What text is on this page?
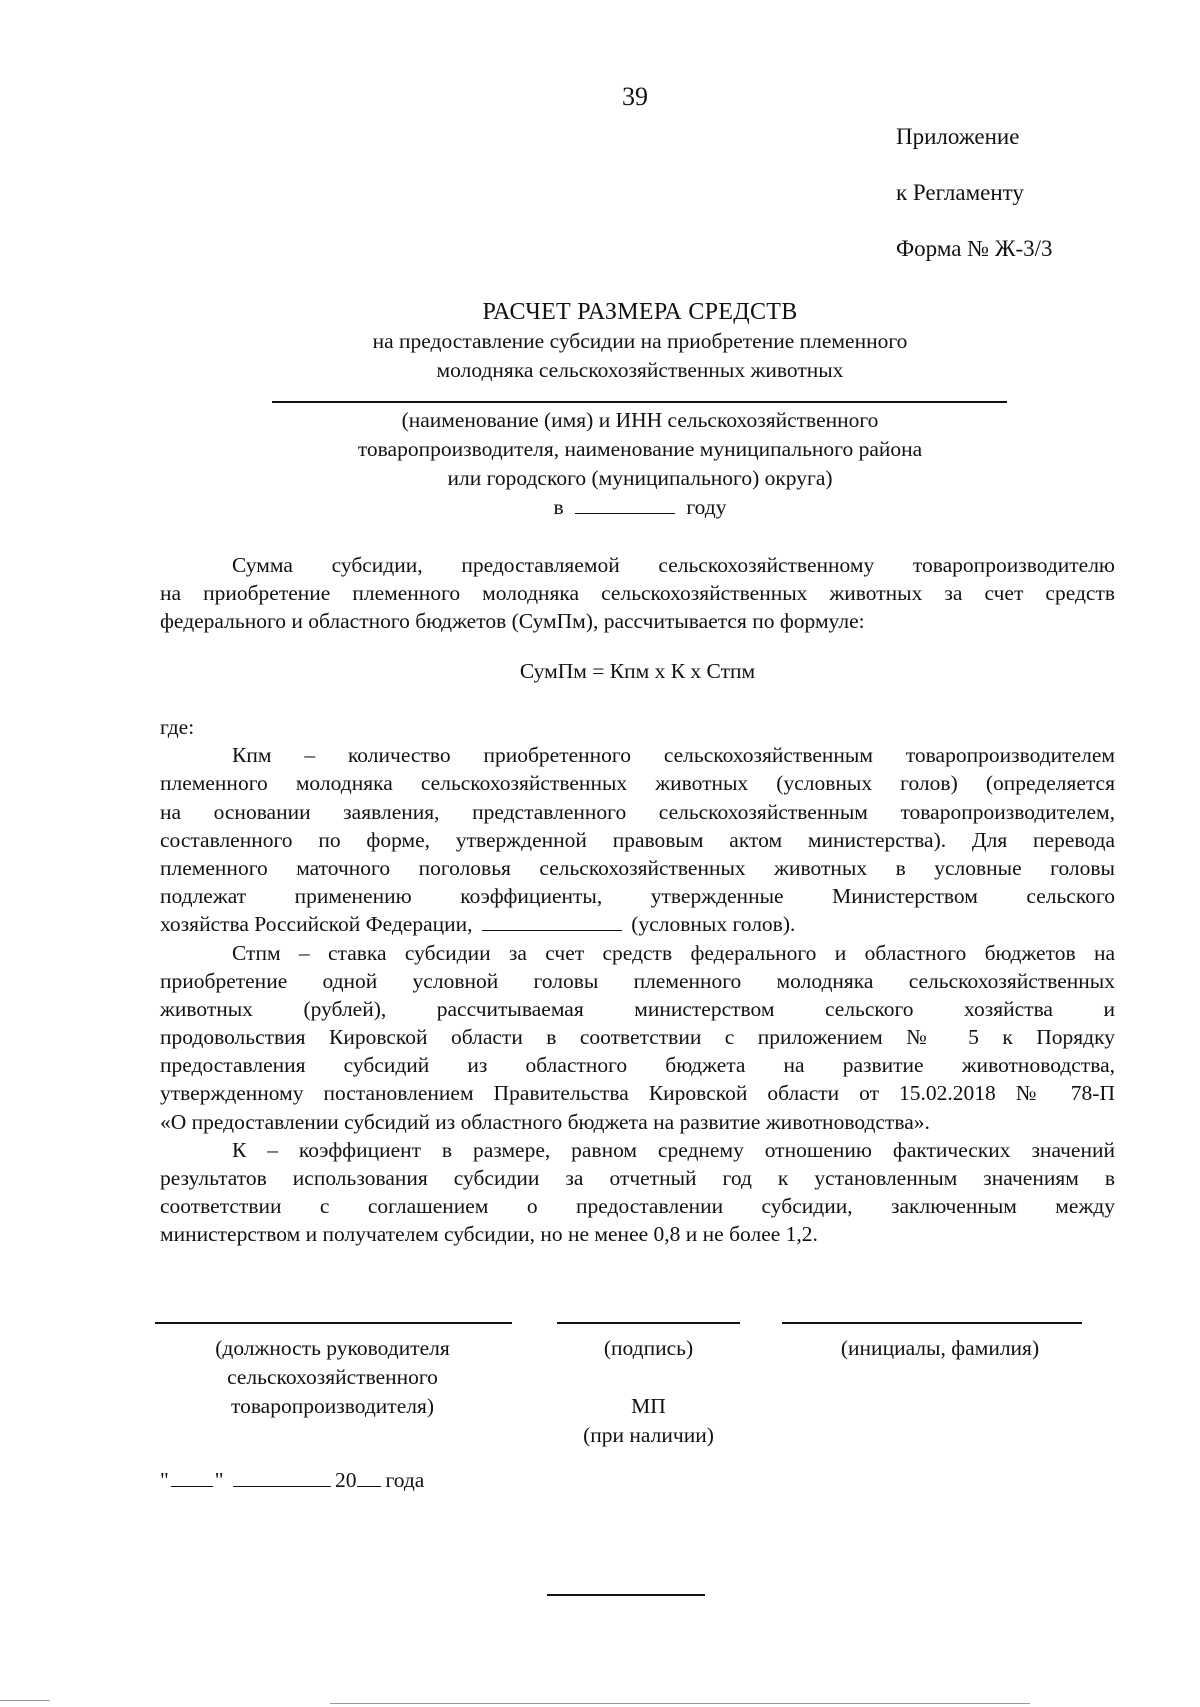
39
Приложение
к Регламенту
Форма № Ж-3/3
РАСЧЕТ РАЗМЕРА СРЕДСТВ
на предоставление субсидии на приобретение племенного
молодняка сельскохозяйственных животных
(наименование (имя) и ИНН сельскохозяйственного
товаропроизводителя, наименование муниципального района
или городского (муниципального) округа)
в	году
Сумма субсидии, предоставляемой сельскохозяйственному товаропроизводителю
на приобретение племенного молодняка сельскохозяйственных животных за счет средств
федерального и областного бюджетов (СумПм), рассчитывается по формуле:
СумПм = Кпм х К х Стпм
где:
Кпм – количество приобретенного сельскохозяйственным товаропроизводителем
племенного молодняка сельскохозяйственных животных (условных голов) (определяется
на основании заявления, представленного сельскохозяйственным товаропроизводителем,
составленного по форме, утвержденной правовым актом министерства). Для перевода
племенного маточного поголовья сельскохозяйственных животных в условные головы
подлежат применению коэффициенты, утвержденные Министерством сельского
хозяйства Российской Федерации,	(условных голов).
Стпм – ставка субсидии за счет средств федерального и областного бюджетов на
приобретение одной условной головы племенного молодняка сельскохозяйственных
животных (рублей), рассчитываемая министерством сельского хозяйства и
продовольствия Кировской области в соответствии с приложением № 5 к Порядку
предоставления субсидий из областного бюджета на развитие животноводства,
утвержденному постановлением Правительства Кировской области от 15.02.2018 № 78-П
«О предоставлении субсидий из областного бюджета на развитие животноводства».
К – коэффициент в размере, равном среднему отношению фактических значений
результатов использования субсидии за отчетный год к установленным значениям в
соответствии с соглашением о предоставлении субсидии, заключенным между
министерством и получателем субсидии, но не менее 0,8 и не более 1,2.
(должность руководителя
сельскохозяйственного
товаропроизводителя)
(подпись)
МП
(при наличии)
(инициалы, фамилия)
" "	20 года
